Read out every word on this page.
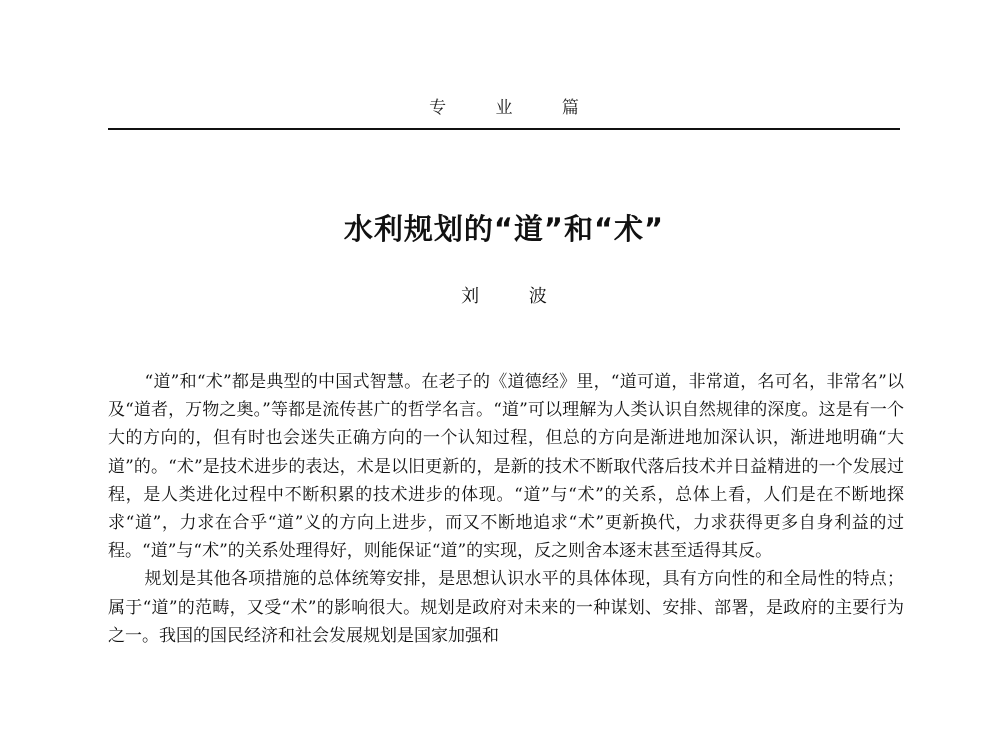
专 业 篇
水利规划的“道”和“术”
刘 波

“道”和“术”都是典型的中国式智慧。在老子的《道德经》里，“道可道，非常道，名可名，非常名”以及“道者，万物之奥。”等都是流传甚广的哲学名言。“道”可以理解为人类认识自然规律的深度。这是有一个大的方向的，但有时也会迷失正确方向的一个认知过程，但总的方向是渐进地加深认识，渐进地明确“大道”的。“术”是技术进步的表达，术是以旧更新的，是新的技术不断取代落后技术并日益精进的一个发展过程，是人类进化过程中不断积累的技术进步的体现。“道”与“术”的关系，总体上看，人们是在不断地探求“道”，力求在合乎“道”义的方向上进步，而又不断地追求“术”更新换代，力求获得更多自身利益的过程。“道”与“术”的关系处理得好，则能保证“道”的实现，反之则舍本逐末甚至适得其反。

规划是其他各项措施的总体统筹安排，是思想认识水平的具体体现，具有方向性的和全局性的特点；属于“道”的范畴，又受“术”的影响很大。规划是政府对未来的一种谋划、安排、部署，是政府的主要行为之一。我国的国民经济和社会发展规划是国家加强和
